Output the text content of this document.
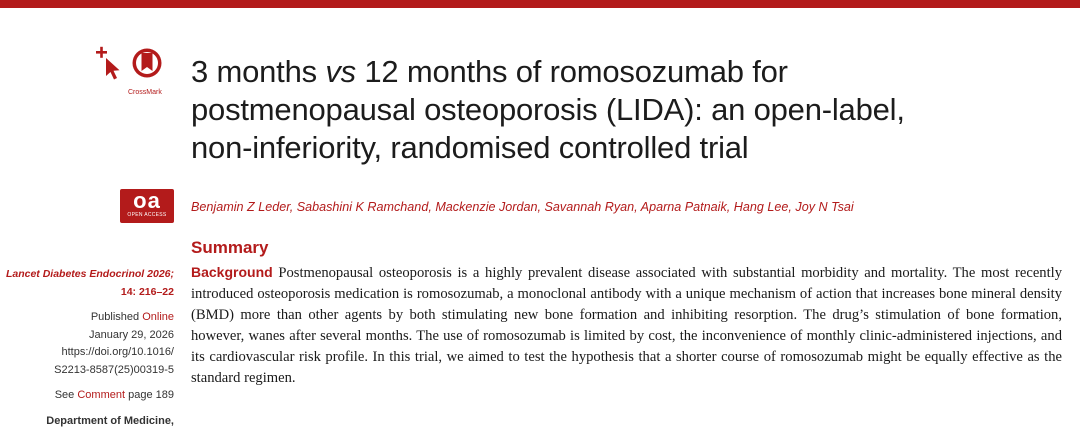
CrossMark
3 months vs 12 months of romosozumab for postmenopausal osteoporosis (LIDA): an open-label, non-inferiority, randomised controlled trial
oa
OPEN ACCESS
Benjamin Z Leder, Sabashini K Ramchand, Mackenzie Jordan, Savannah Ryan, Aparna Patnaik, Hang Lee, Joy N Tsai
Lancet Diabetes Endocrinol 2026;
14: 216–22
Published Online
January 29, 2026
https://doi.org/10.1016/
S2213-8587(25)00319-5
See Comment page 189
Department of Medicine,
Summary

Background Postmenopausal osteoporosis is a highly prevalent disease associated with substantial morbidity and mortality. The most recently introduced osteoporosis medication is romosozumab, a monoclonal antibody with a unique mechanism of action that increases bone mineral density (BMD) more than other agents by both stimulating new bone formation and inhibiting resorption. The drug’s stimulation of bone formation, however, wanes after several months. The use of romosozumab is limited by cost, the inconvenience of monthly clinic-administered injections, and its cardiovascular risk profile. In this trial, we aimed to test the hypothesis that a shorter course of romosozumab might be equally effective as the standard regimen.
